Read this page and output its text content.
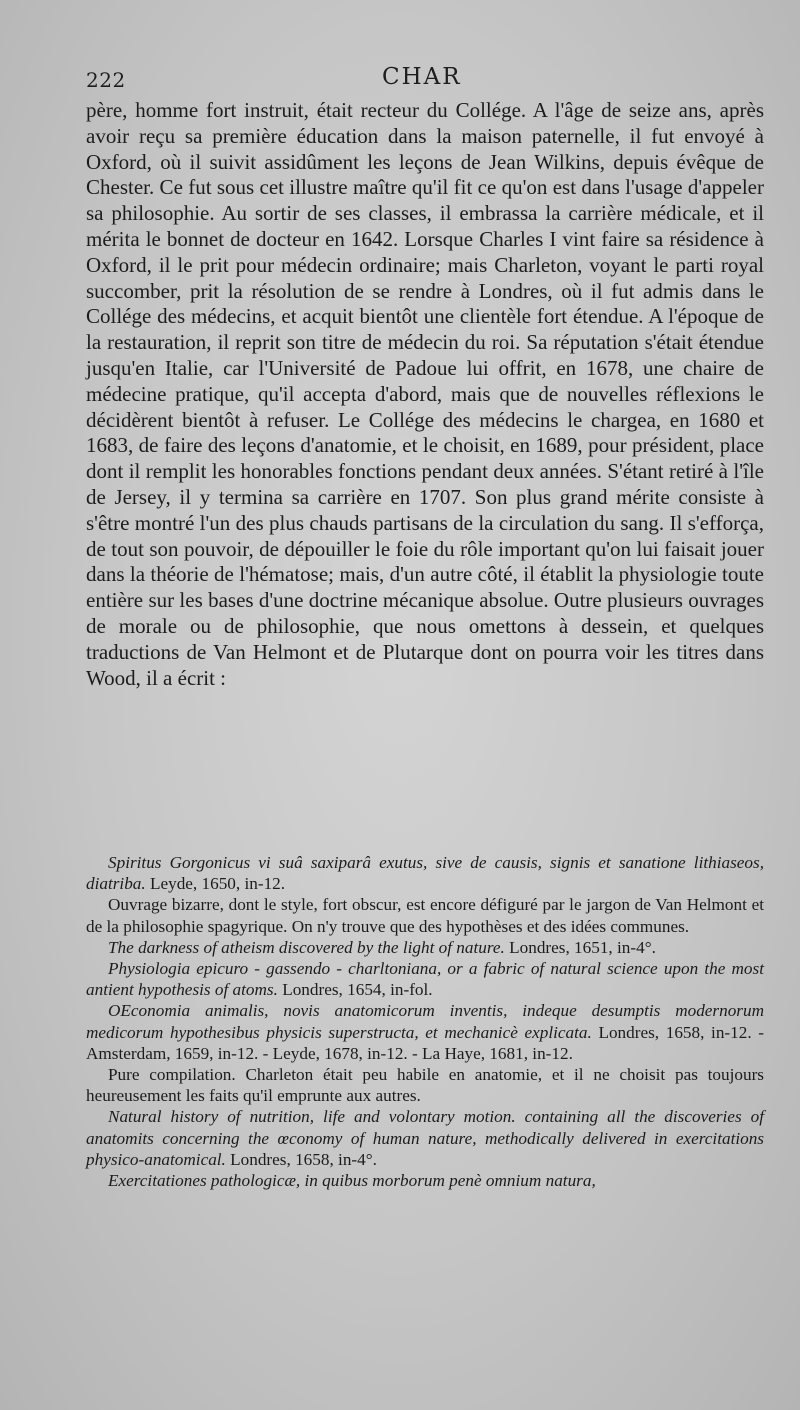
222	CHAR

père, homme fort instruit, était recteur du Collége. A l'âge de seize ans, après avoir reçu sa première éducation dans la maison paternelle, il fut envoyé à Oxford, où il suivit assidûment les leçons de Jean Wilkins, depuis évêque de Chester. Ce fut sous cet illustre maître qu'il fit ce qu'on est dans l'usage d'appeler sa philosophie. Au sortir de ses classes, il embrassa la carrière médicale, et il mérita le bonnet de docteur en 1642. Lorsque Charles I vint faire sa résidence à Oxford, il le prit pour médecin ordinaire; mais Charleton, voyant le parti royal succomber, prit la résolution de se rendre à Londres, où il fut admis dans le Collége des médecins, et acquit bientôt une clientèle fort étendue. A l'époque de la restauration, il reprit son titre de médecin du roi. Sa réputation s'était étendue jusqu'en Italie, car l'Université de Padoue lui offrit, en 1678, une chaire de médecine pratique, qu'il accepta d'abord, mais que de nouvelles réflexions le décidèrent bientôt à refuser. Le Collége des médecins le chargea, en 1680 et 1683, de faire des leçons d'anatomie, et le choisit, en 1689, pour président, place dont il remplit les honorables fonctions pendant deux années. S'étant retiré à l'île de Jersey, il y termina sa carrière en 1707. Son plus grand mérite consiste à s'être montré l'un des plus chauds partisans de la circulation du sang. Il s'efforça, de tout son pouvoir, de dépouiller le foie du rôle important qu'on lui faisait jouer dans la théorie de l'hématose; mais, d'un autre côté, il établit la physiologie toute entière sur les bases d'une doctrine mécanique absolue. Outre plusieurs ouvrages de morale ou de philosophie, que nous omettons à dessein, et quelques traductions de Van Helmont et de Plutarque dont on pourra voir les titres dans Wood, il a écrit :

Spiritus Gorgonicus vi suâ saxiparâ exutus, sive de causis, signis et sanatione lithiaseos, diatriba. Leyde, 1650, in-12.

Ouvrage bizarre, dont le style, fort obscur, est encore défiguré par le jargon de Van Helmont et de la philosophie spagyrique. On n'y trouve que des hypothèses et des idées communes.

The darkness of atheism discovered by the light of nature. Londres, 1651, in-4°.

Physiologia epicuro - gassendo - charltoniana, or a fabric of natural science upon the most antient hypothesis of atoms. Londres, 1654, in-fol.

OEconomia animalis, novis anatomicorum inventis, indeque desumptis modernorum medicorum hypothesibus physicis superstructa, et mechanicè explicata. Londres, 1658, in-12. - Amsterdam, 1659, in-12. - Leyde, 1678, in-12. - La Haye, 1681, in-12.

Pure compilation. Charleton était peu habile en anatomie, et il ne choisit pas toujours heureusement les faits qu'il emprunte aux autres.

Natural history of nutrition, life and volontary motion. containing all the discoveries of anatomits concerning the œconomy of human nature, methodically delivered in exercitations physico-anatomical. Londres, 1658, in-4°.

Exercitationes pathologicæ, in quibus morborum penè omnium natura,
